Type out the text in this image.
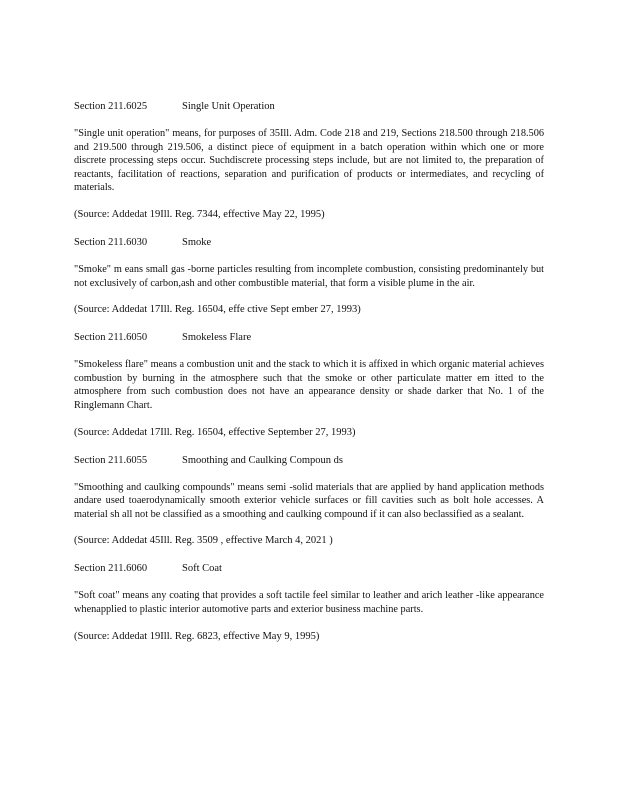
Section 211.6025	Single Unit Operation

"Single unit operation" means, for purposes of 35Ill. Adm. Code 218 and 219, Sections 218.500 through 218.506 and 219.500 through 219.506, a distinct piece of equipment in a batch operation within which one or more discrete processing steps occur. Suchdiscrete processing steps include, but are not limited to, the preparation of reactants, facilitation of reactions, separation and purification of products or intermediates, and recycling of materials.

(Source: Addedat 19Ill. Reg. 7344, effective May 22, 1995)

Section 211.6030	Smoke

"Smoke" m eans small gas -borne particles resulting from incomplete combustion, consisting predominantely but not exclusively of carbon,ash and other combustible material, that form a visible plume in the air.

(Source: Addedat 17Ill. Reg. 16504, effe ctive Sept ember 27, 1993)

Section 211.6050	Smokeless Flare

"Smokeless flare" means a combustion unit and the stack to which it is affixed in which organic material achieves combustion by burning in the atmosphere such that the smoke or other particulate matter em itted to the atmosphere from such combustion does not have an appearance density or shade darker that No. 1 of the Ringlemann Chart.

(Source: Addedat 17Ill. Reg. 16504, effective September 27, 1993)

Section 211.6055	Smoothing and Caulking Compoun ds

"Smoothing and caulking compounds" means semi -solid materials that are applied by hand application methods andare used toaerodynamically smooth exterior vehicle surfaces or fill cavities such as bolt hole accesses. A material sh all not be classified as a smoothing and caulking compound if it can also beclassified as a sealant.

(Source: Addedat 45Ill. Reg. 3509 , effective March 4, 2021 )

Section 211.6060	Soft Coat

"Soft coat" means any coating that provides a soft tactile feel similar to leather and arich leather -like appearance whenapplied to plastic interior automotive parts and exterior business machine parts.

(Source: Addedat 19Ill. Reg. 6823, effective May 9, 1995)
